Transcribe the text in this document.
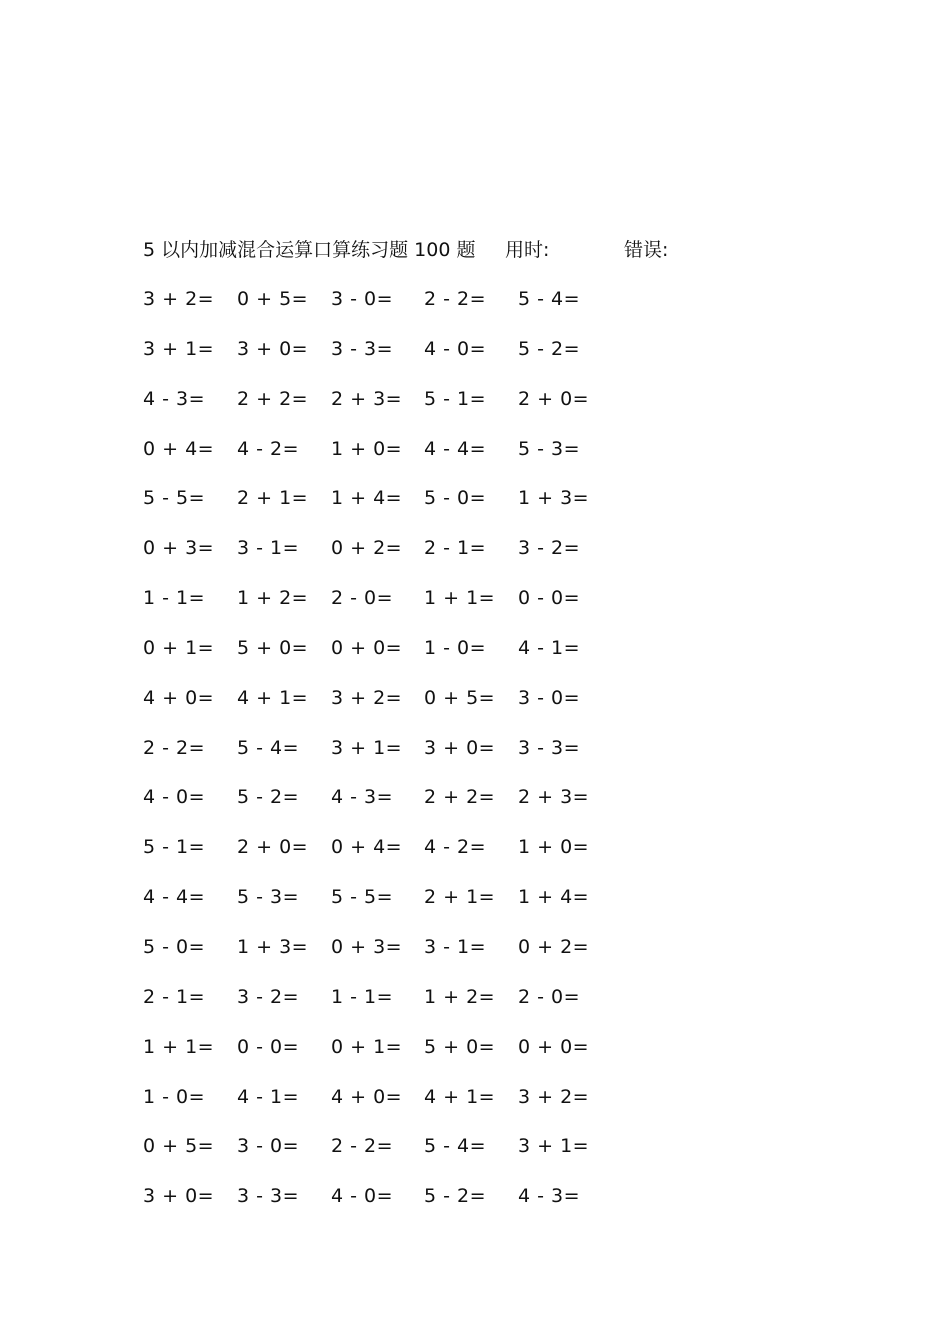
5 以内加减混合运算口算练习题 100 题 用时:	错误:
3 + 2= 0 + 5= 3 - 0= 2 - 2= 5 - 4=
3 + 1= 3 + 0= 3 - 3= 4 - 0= 5 - 2=
4 - 3= 2 + 2= 2 + 3= 5 - 1= 2 + 0=
0 + 4= 4 - 2= 1 + 0= 4 - 4= 5 - 3=
5 - 5= 2 + 1= 1 + 4= 5 - 0= 1 + 3=
0 + 3= 3 - 1= 0 + 2= 2 - 1= 3 - 2=
1 - 1= 1 + 2= 2 - 0= 1 + 1= 0 - 0=
0 + 1= 5 + 0= 0 + 0= 1 - 0= 4 - 1=
4 + 0= 4 + 1= 3 + 2= 0 + 5= 3 - 0=
2 - 2= 5 - 4= 3 + 1= 3 + 0= 3 - 3=
4 - 0= 5 - 2= 4 - 3= 2 + 2= 2 + 3=
5 - 1= 2 + 0= 0 + 4= 4 - 2= 1 + 0=
4 - 4= 5 - 3= 5 - 5= 2 + 1= 1 + 4=
5 - 0= 1 + 3= 0 + 3= 3 - 1= 0 + 2=
2 - 1= 3 - 2= 1 - 1= 1 + 2= 2 - 0=
1 + 1= 0 - 0= 0 + 1= 5 + 0= 0 + 0=
1 - 0= 4 - 1= 4 + 0= 4 + 1= 3 + 2=
0 + 5= 3 - 0= 2 - 2= 5 - 4= 3 + 1=
3 + 0= 3 - 3= 4 - 0= 5 - 2= 4 - 3=
